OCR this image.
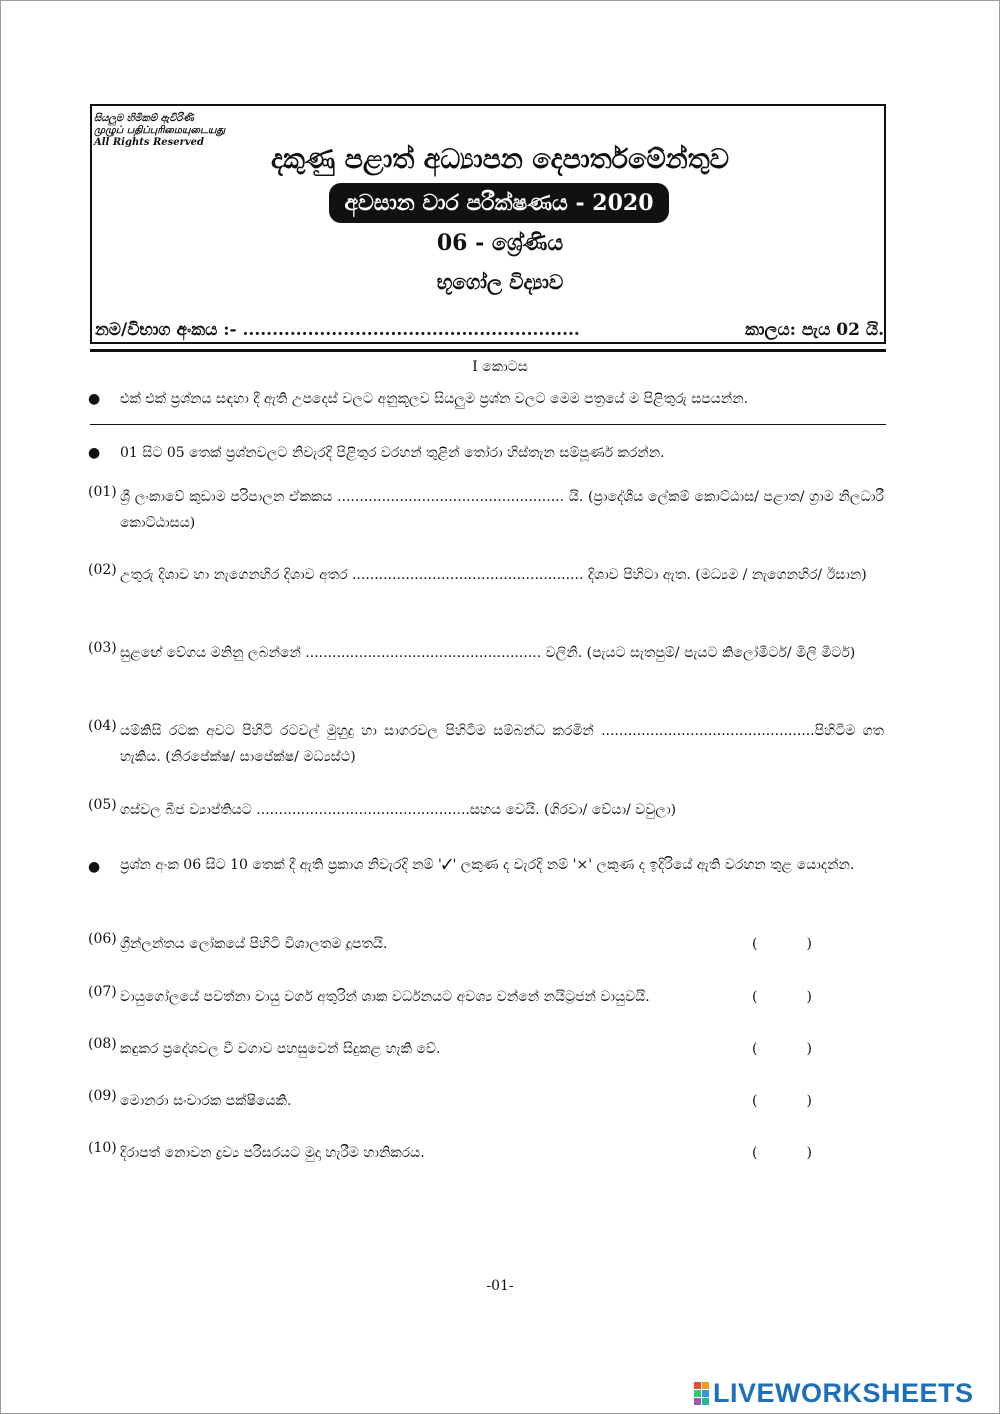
සියලුම හිමිකම් ඇවිරිණි
முழுப் பதிப்புரிமையுடையது
All Rights Reserved
දකුණු පළාත් අධ්‍යාපන දෙපාර්තමේන්තුව
අවසාන වාර පරීක්ෂණය - 2020
06 - ශ්‍රේණිය
භූගෝල විද්‍යාව
නම/විභාග අංකය :- .........................................................	කාලය: පැය 02 යි.
I කොටස
● එක් එක් ප්‍රශ්නය සඳහා දී ඇති උපදෙස් වලට අනුකූලව සියලුම ප්‍රශ්න වලට මෙම පත්‍රයේ ම පිළිතුරු සපයන්න.
● 01 සිට 05 තෙක් ප්‍රශ්නවලට නිවැරදි පිළිතුර වරහන් තුළින් තෝරා හිස්තැන සම්පූර්ණ කරන්න.
(01) ශ්‍රී ලංකාවේ කුඩාම පරිපාලන ඒකකය ................................................... යි. (ප්‍රාදේශීය ලේකම් කොට්ඨාස/ පළාත/ ග්‍රාම නිලධාරී කොට්ඨාසය)
(02) උතුරු දිශාව හා නැගෙනහිර දිශාව අතර .................................................... දිශාව පිහිටා ඇත. (මධ්‍යම / නැගෙනහිර/ ඊසාන)
(03) සුළඟේ වේගය මනිනු ලබන්නේ ..................................................... වලිනි. (පැයට සැතපුම්/ පැයට කිලෝමීටර්/ මිලි මීටර්)
(04) යම්කිසි රටක අවට පිහිටි රටවල් මුහුදු හා සාගරවල පිහිටීම සම්බන්ධ කරමින් ................................................පිහිටීම ගත හැකිය. (නිරපේක්ෂ/ සාපේක්ෂ/ මධ්‍යස්ථ)
(05) ගස්වල බීජ ව්‍යාප්තියට ................................................සහය වෙයි. (ගිරවා/ වේයා/ වවුලා)
● ප්‍රශ්න අංක 06 සිට 10 තෙක් දී ඇති ප්‍රකාශ නිවැරදි නම් '✓' ලකුණ ද වැරදි නම් '×' ලකුණ ද ඉදිරියේ ඇති වරහන තුළ යොදන්න.
(06) ග්‍රීන්ලන්තය ලෝකයේ පිහිටි විශාලතම දූපතයි.	(	)
(07) වායුගෝලයේ පවත්නා වායු වර්ග අතුරින් ශාක වර්ධනයට අවශ්‍ය වන්නේ නයිට්‍රජන් වායුවයි.	(	)
(08) කඳුකර ප්‍රදේශවල වී වගාව පහසුවෙන් සිදුකළ හැකි වේ.	(	)
(09) මොනරා සංචාරක පක්ෂියෙකි.	(	)
(10) දිරාපත් නොවන ද්‍රව්‍ය පරිසරයට මුදා හැරීම හානිකරය.	(	)
-01-
LIVEWORKSHEETS
